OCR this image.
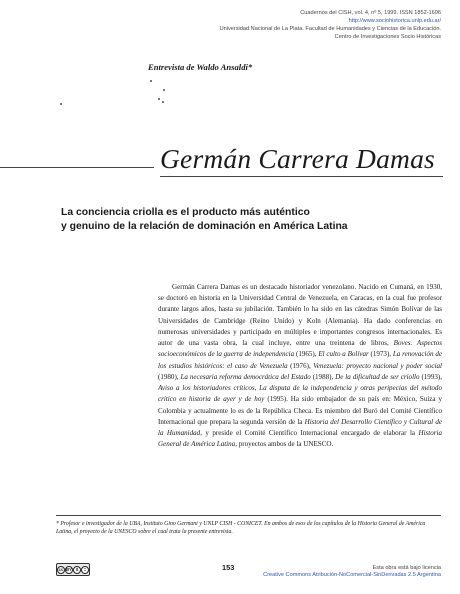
Cuadernos del CISH, vol. 4, nº 5, 1999. ISSN 1852-1606
http://www.sociohistorica.unlp.edu.ar/
Universidad Nacional de La Plata. Facultad de Humanidades y Ciencias de la Educación.
Centro de Investigaciones Socio Históricas
Entrevista de Waldo Ansaldi*
Germán Carrera Damas
La conciencia criolla es el producto más auténtico
y genuino de la relación de dominación en América Latina
Germán Carrera Damas es un destacado historiador venezolano. Nacido en Cumaná, en 1930, se doctoró en historia en la Universidad Central de Venezuela, en Caracas, en la cual fue profesor durante largos años, hasta su jubilación. También lo ha sido en las cátedras Simón Bolívar de las Universidades de Cambridge (Reino Unido) y Koln (Alemania). Ha dado conferencias en numerosas universidades y participado en múltiples e importantes congresos internacionales. Es autor de una vasta obra, la cual incluye, entre una treintena de libros, Boves. Aspectos socioeconómicos de la guerra de independencia (1965), El culto a Bolívar (1973), La renovación de los estudios históricos: el caso de Venezuela (1976), Venezuela: proyecto nacional y poder social (1980), La necesaria reforma democrática del Estado (1988), De la dificultad de ser criollo (1993), Aviso a los historiadores críticos, La disputa de la independencia y otras peripecias del método crítico en historia de ayer y de hoy (1995). Ha sido embajador de su país en: México, Suiza y Colombia y actualmente lo es de la República Checa. Es miembro del Buró del Comité Científico Internacional que prepara la segunda versión de la Historia del Desarrollo Científico y Cultural de la Humanidad, y preside el Comité Científico Internacional encargado de elaborar la Historia General de América Latina, proyectos ambos de la UNESCO.
* Profesor e investigador de la UBA, Instituto Gino Germani y UNLP CISH - CONICET. En ambos de esos de los capítulos de la Historia General de América Latina, el proyecto de la UNESCO sobre el cual trata la presente entrevista.
cc BY $	=	153	Esta obra está bajo licencia
Creative Commons Atribución-NoComercial-SinDerivadas 2.5 Argentina
